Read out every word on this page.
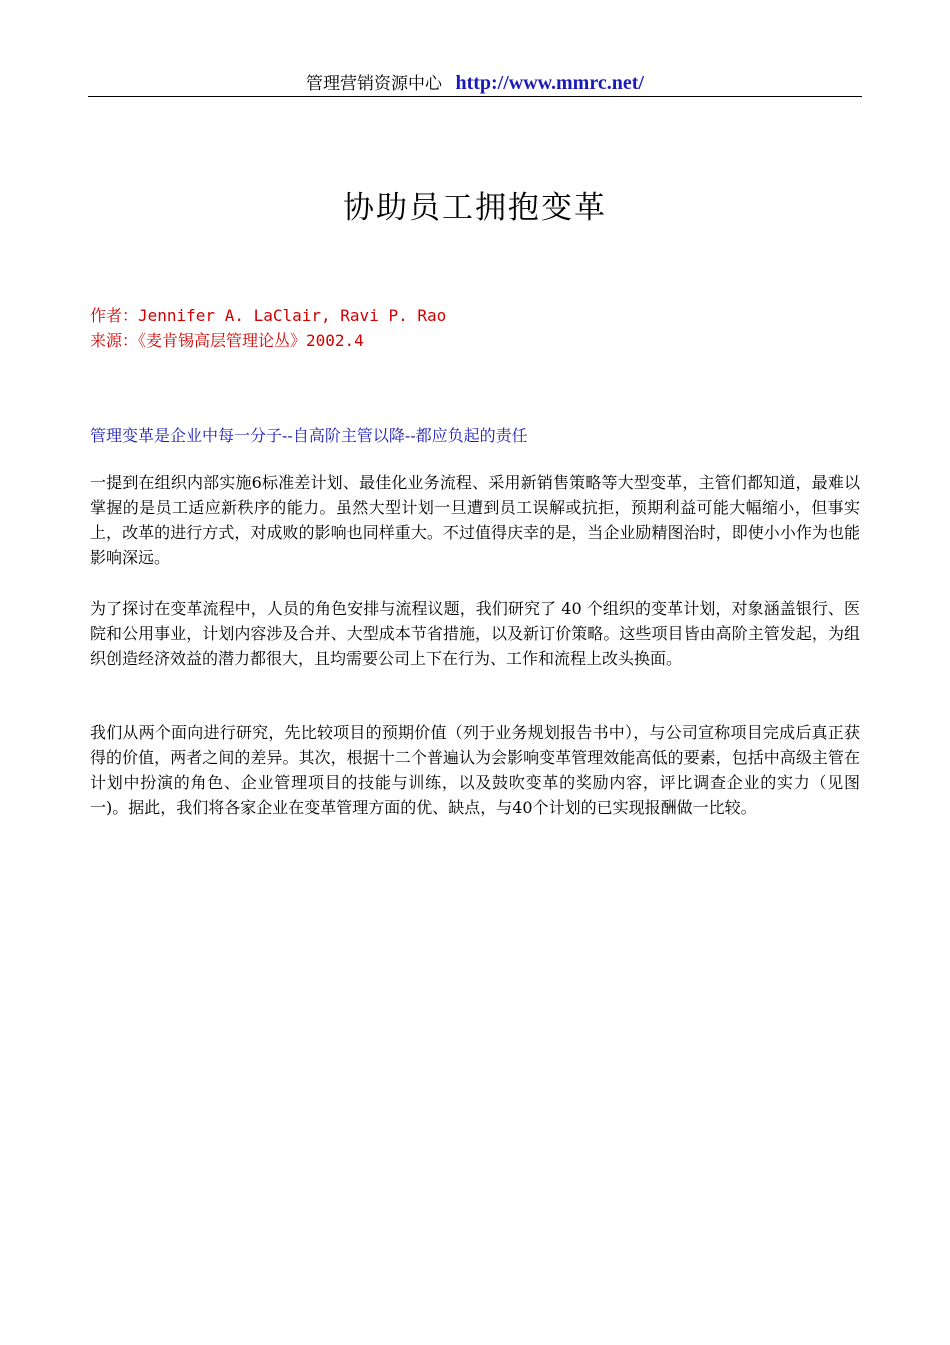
管理营销资源中心 http://www.mmrc.net/
协助员工拥抱变革
作者：Jennifer A. LaClair, Ravi P. Rao
来源：《麦肯锡高层管理论丛》2002.4
管理变革是企业中每一分子--自高阶主管以降--都应负起的责任

一提到在组织内部实施6标准差计划、最佳化业务流程、采用新销售策略等大型变革，主管们都知道，最难以掌握的是员工适应新秩序的能力。虽然大型计划一旦遭到员工误解或抗拒，预期利益可能大幅缩小，但事实上，改革的进行方式，对成败的影响也同样重大。不过值得庆幸的是，当企业励精图治时，即使小小作为也能影响深远。

为了探讨在变革流程中，人员的角色安排与流程议题，我们研究了 40 个组织的变革计划，对象涵盖银行、医院和公用事业，计划内容涉及合并、大型成本节省措施，以及新订价策略。这些项目皆由高阶主管发起，为组织创造经济效益的潜力都很大，且均需要公司上下在行为、工作和流程上改头换面。

我们从两个面向进行研究，先比较项目的预期价值（列于业务规划报告书中），与公司宣称项目完成后真正获得的价值，两者之间的差异。其次，根据十二个普遍认为会影响变革管理效能高低的要素，包括中高级主管在计划中扮演的角色、企业管理项目的技能与训练，以及鼓吹变革的奖励内容，评比调查企业的实力（见图一)。据此，我们将各家企业在变革管理方面的优、缺点，与40个计划的已实现报酬做一比较。
